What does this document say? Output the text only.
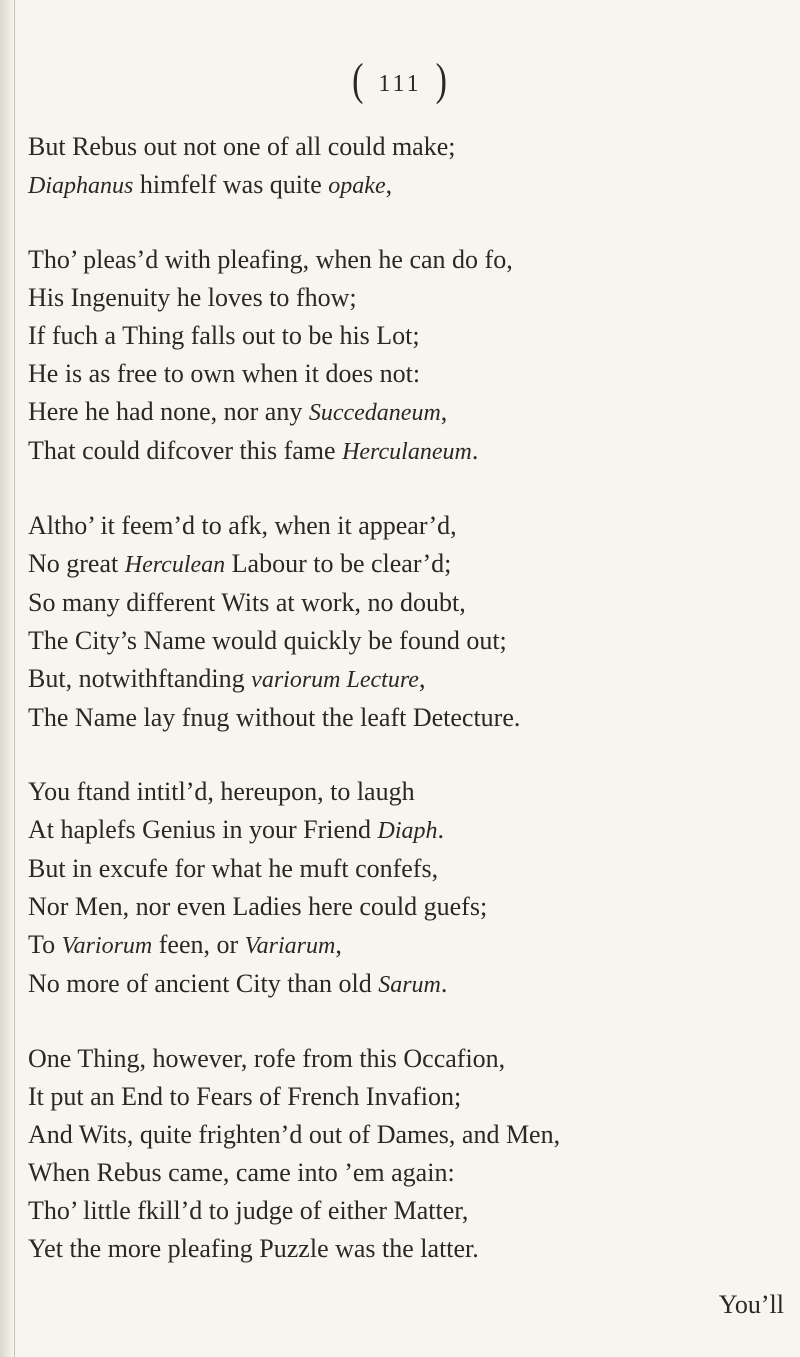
( 111 )
But Rebus out not one of all could make;
Diaphanus himfelf was quite opake,
Tho’ pleas’d with pleafing, when he can do fo,
His Ingenuity he loves to fhow;
If fuch a Thing falls out to be his Lot;
He is as free to own when it does not:
Here he had none, nor any Succedaneum,
That could difcover this fame Herculaneum.
Altho’ it feem’d to afk, when it appear’d,
No great Herculean Labour to be clear’d;
So many different Wits at work, no doubt,
The City’s Name would quickly be found out;
But, notwithftanding variorum Lecture,
The Name lay fnug without the leaft Detecture.
You ftand intitl’d, hereupon, to laugh
At haplefs Genius in your Friend Diaph.
But in excufe for what he muft confefs,
Nor Men, nor even Ladies here could guefs;
To Variorum feen, or Variarum,
No more of ancient City than old Sarum.
One Thing, however, rofe from this Occafion,
It put an End to Fears of French Invafion;
And Wits, quite frighten’d out of Dames, and Men,
When Rebus came, came into ’em again:
Tho’ little fkill’d to judge of either Matter,
Yet the more pleafing Puzzle was the latter.
You’ll
